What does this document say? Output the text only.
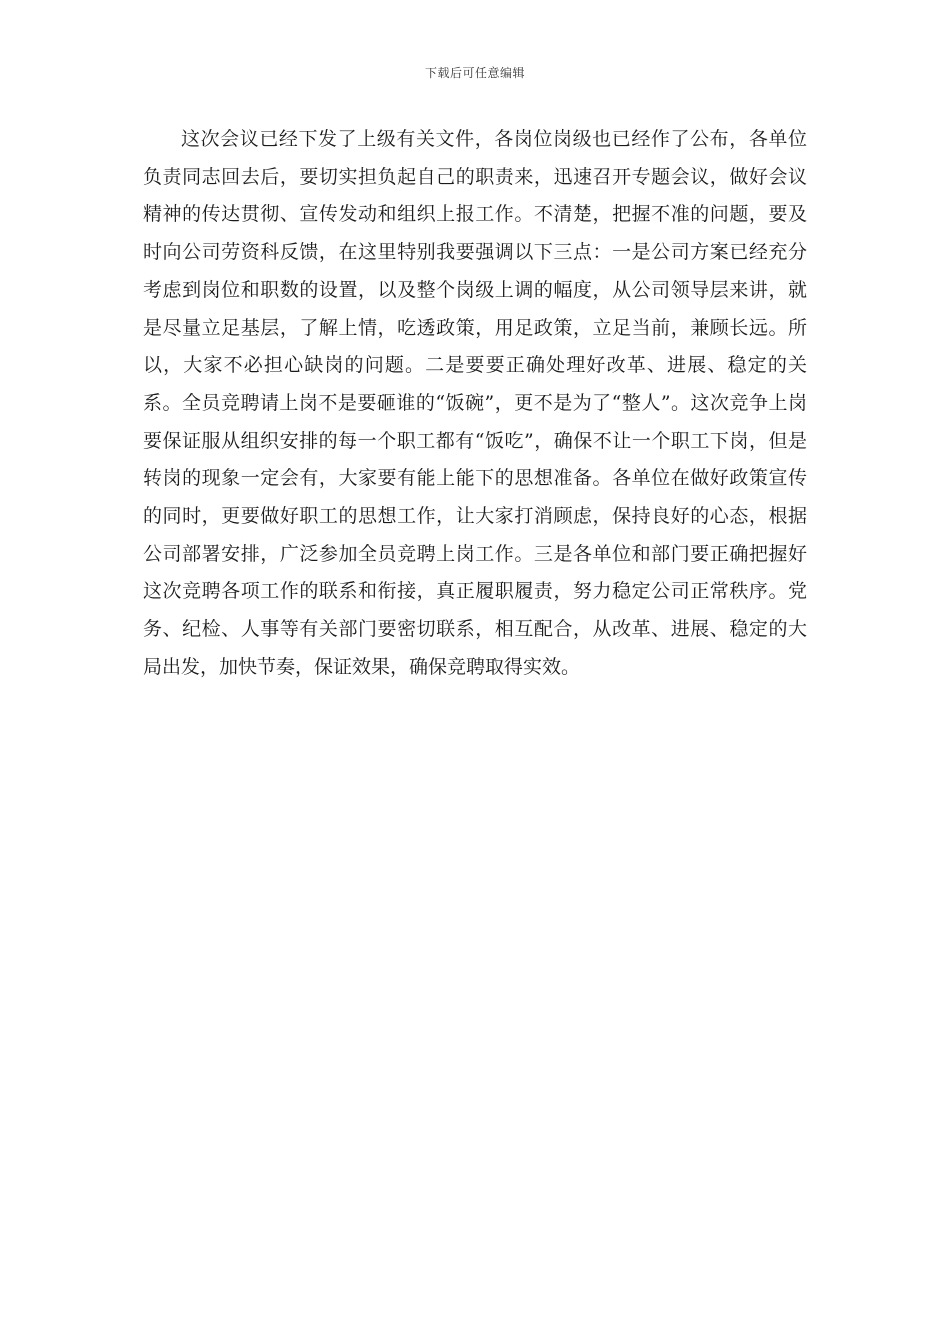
下载后可任意编辑

这次会议已经下发了上级有关文件，各岗位岗级也已经作了公布，各单位负责同志回去后，要切实担负起自己的职责来，迅速召开专题会议，做好会议精神的传达贯彻、宣传发动和组织上报工作。不清楚，把握不准的问题，要及时向公司劳资科反馈，在这里特别我要强调以下三点：一是公司方案已经充分考虑到岗位和职数的设置，以及整个岗级上调的幅度，从公司领导层来讲，就是尽量立足基层，了解上情，吃透政策，用足政策，立足当前，兼顾长远。所以，大家不必担心缺岗的问题。二是要要正确处理好改革、进展、稳定的关系。全员竞聘请上岗不是要砸谁的“饭碗”，更不是为了“整人”。这次竞争上岗要保证服从组织安排的每一个职工都有“饭吃”，确保不让一个职工下岗，但是转岗的现象一定会有，大家要有能上能下的思想准备。各单位在做好政策宣传的同时，更要做好职工的思想工作，让大家打消顾虑，保持良好的心态，根据公司部署安排，广泛参加全员竞聘上岗工作。三是各单位和部门要正确把握好这次竞聘各项工作的联系和衔接，真正履职履责，努力稳定公司正常秩序。党务、纪检、人事等有关部门要密切联系，相互配合，从改革、进展、稳定的大局出发，加快节奏，保证效果，确保竞聘取得实效。
